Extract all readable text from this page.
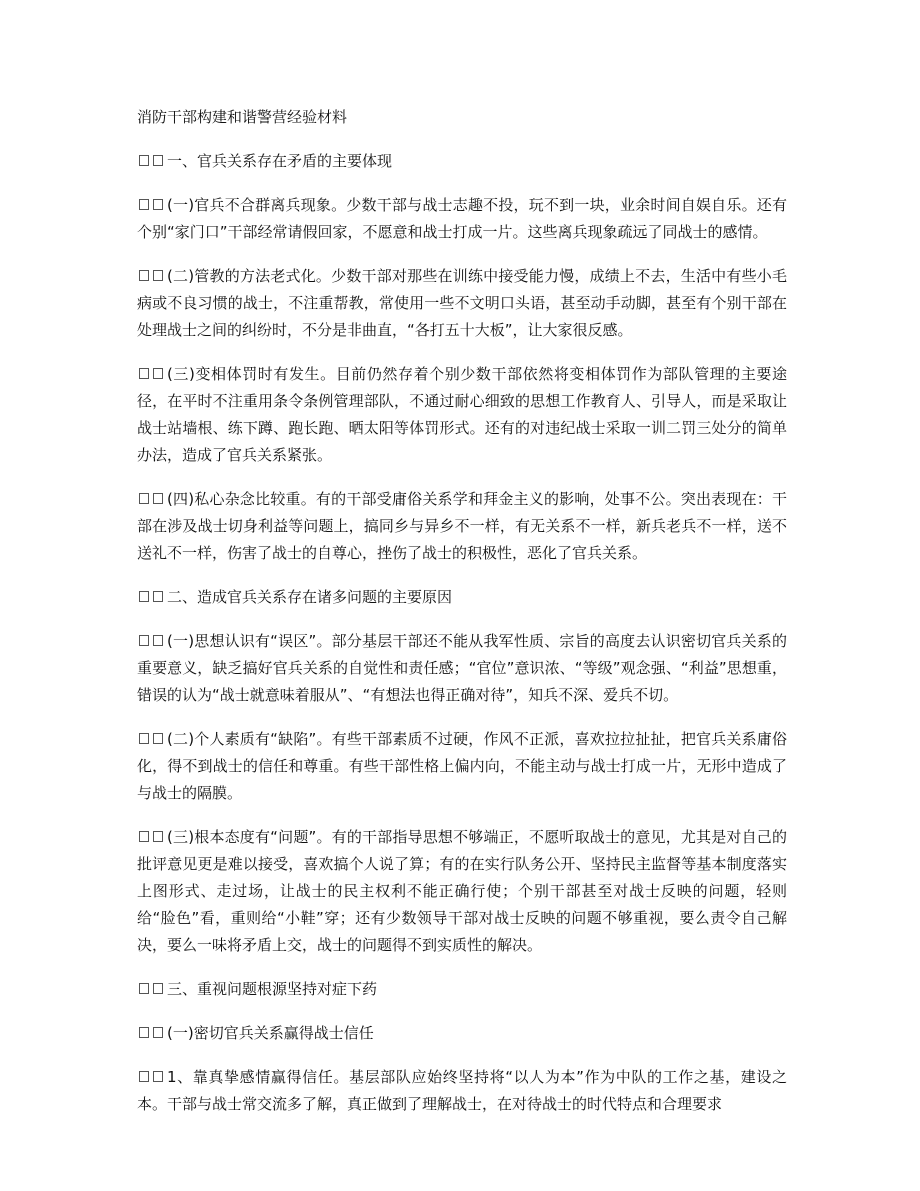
消防干部构建和谐警营经验材料

一、官兵关系存在矛盾的主要体现

(一)官兵不合群离兵现象。少数干部与战士志趣不投，玩不到一块，业余时间自娱自乐。还有个别“家门口”干部经常请假回家，不愿意和战士打成一片。这些离兵现象疏远了同战士的感情。

(二)管教的方法老式化。少数干部对那些在训练中接受能力慢，成绩上不去，生活中有些小毛病或不良习惯的战士，不注重帮教，常使用一些不文明口头语，甚至动手动脚，甚至有个别干部在处理战士之间的纠纷时，不分是非曲直，“各打五十大板”，让大家很反感。

(三)变相体罚时有发生。目前仍然存着个别少数干部依然将变相体罚作为部队管理的主要途径，在平时不注重用条令条例管理部队，不通过耐心细致的思想工作教育人、引导人，而是采取让战士站墙根、练下蹲、跑长跑、晒太阳等体罚形式。还有的对违纪战士采取一训二罚三处分的简单办法，造成了官兵关系紧张。

(四)私心杂念比较重。有的干部受庸俗关系学和拜金主义的影响，处事不公。突出表现在：干部在涉及战士切身利益等问题上，搞同乡与异乡不一样，有无关系不一样，新兵老兵不一样，送不送礼不一样，伤害了战士的自尊心，挫伤了战士的积极性，恶化了官兵关系。

二、造成官兵关系存在诸多问题的主要原因

(一)思想认识有“误区”。部分基层干部还不能从我军性质、宗旨的高度去认识密切官兵关系的重要意义，缺乏搞好官兵关系的自觉性和责任感；“官位”意识浓、“等级”观念强、“利益”思想重，错误的认为“战士就意味着服从”、“有想法也得正确对待”，知兵不深、爱兵不切。

(二)个人素质有“缺陷”。有些干部素质不过硬，作风不正派，喜欢拉拉扯扯，把官兵关系庸俗化，得不到战士的信任和尊重。有些干部性格上偏内向，不能主动与战士打成一片，无形中造成了与战士的隔膜。

(三)根本态度有“问题”。有的干部指导思想不够端正，不愿听取战士的意见，尤其是对自己的批评意见更是难以接受，喜欢搞个人说了算；有的在实行队务公开、坚持民主监督等基本制度落实上图形式、走过场，让战士的民主权利不能正确行使；个别干部甚至对战士反映的问题，轻则给“脸色”看，重则给“小鞋”穿；还有少数领导干部对战士反映的问题不够重视，要么责令自己解决，要么一味将矛盾上交，战士的问题得不到实质性的解决。

三、重视问题根源坚持对症下药

(一)密切官兵关系赢得战士信任

1、靠真挚感情赢得信任。基层部队应始终坚持将“以人为本”作为中队的工作之基，建设之本。干部与战士常交流多了解，真正做到了理解战士，在对待战士的时代特点和合理要求
